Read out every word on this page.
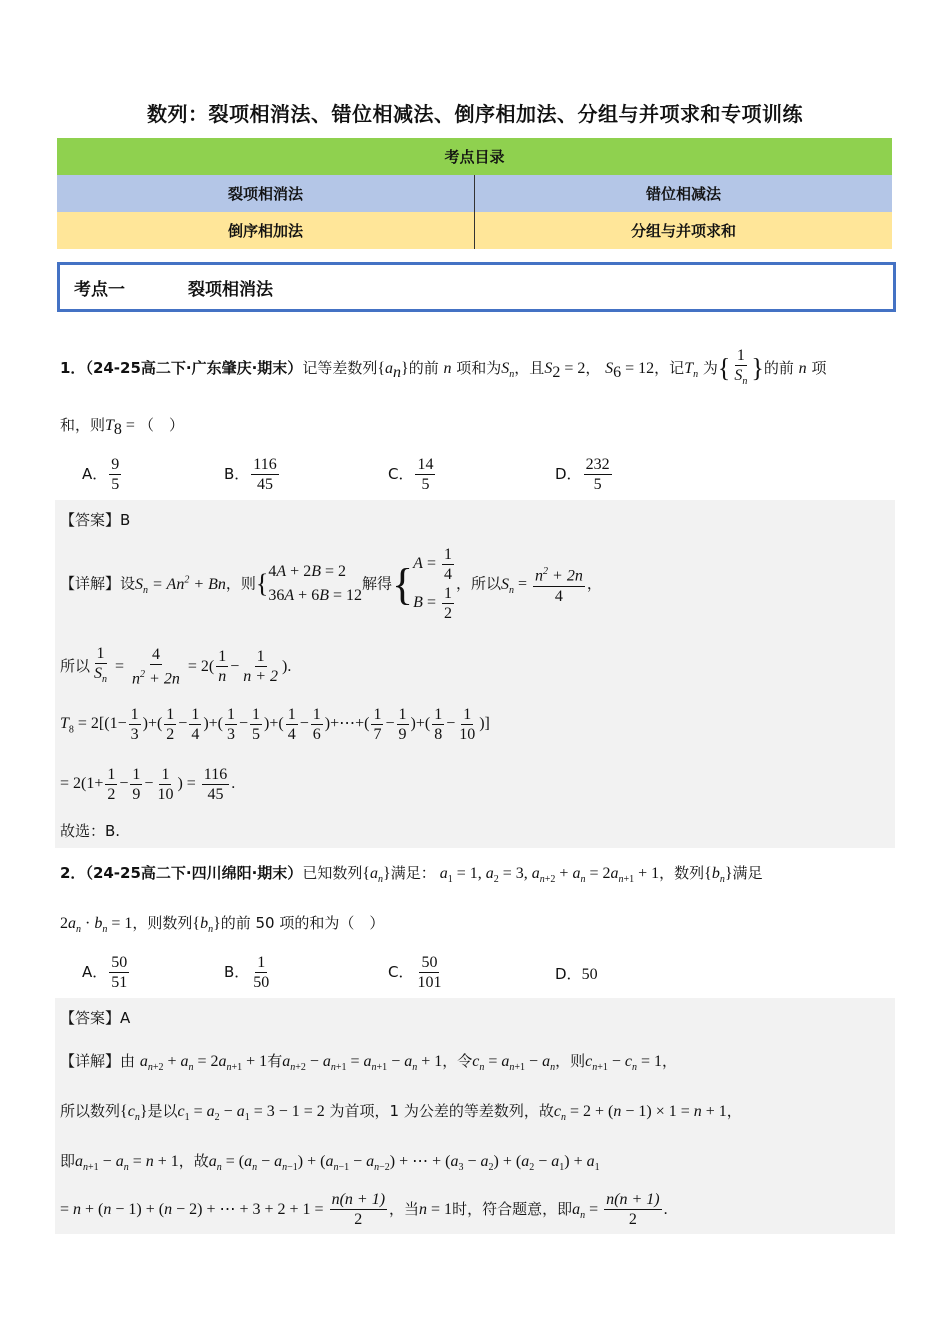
数列：裂项相消法、错位相减法、倒序相加法、分组与并项求和专项训练
考点目录	
裂项相消法	错位相减法
倒序相加法	分组与并项求和
考点一	裂项相消法
1．（24-25高二下·广东肇庆·期末）记等差数列$\{a_n\}$的前 n 项和为$S_n$，且$S_2 = 2$， $S_6 = 12$，记$T_n$ 为{ $\frac{1}{S_n}$ }的前 n 项
和，则$T_8$ = （　）
A． $\frac{9}{5}$	B． $\frac{116}{45}$	C． $\frac{14}{5}$	D． $\frac{232}{5}$
【答案】B
【详解】设$S_n = An^2 + Bn$，则 { 4A + 2B = 2
36A + 6B = 12
解得 { $A = \frac{1}{4}$
$B = \frac{1}{2}$
，所以$S_n = \frac{n^2 + 2n}{4}$ ，
所以 $\frac{1}{S_n} = \frac{4}{n^2 + 2n} = 2( \frac{1}{n} - \frac{1}{n + 2}$ ).
$T_8 = 2[(1- \frac{1}{3}$ )+( $\frac{1}{2} - \frac{1}{4}$ )+( $\frac{1}{3} - \frac{1}{5}$ )+( $\frac{1}{4} - \frac{1}{6}$ )+⋯+( $\frac{1}{7} - \frac{1}{9}$ )+( $\frac{1}{8} - \frac{1}{10}$ )]
= $2(1+ \frac{1}{2} - \frac{1}{9} - \frac{1}{10}$ ) = $\frac{116}{45}$ .
故选：B.
2．（24-25高二下·四川绵阳·期末）已知数列$\{a_n\}$满足： $a_1 = 1$, $a_2 = 3$, $a_{n+2} + a_n = 2a_{n+1} + 1$，数列$\{b_n\}$满足
$2a_n \cdot b_n = 1$，则数列$\{b_n\}$的前 50 项的和为（　）
A． $\frac{50}{51}$	B． $\frac{1}{50}$	C． $\frac{50}{101}$	D．50
【答案】A
【详解】由 $a_{n+2} + a_n = 2a_{n+1} + 1$有$a_{n+2} - a_{n+1} = a_{n+1} - a_n + 1$，令$c_n = a_{n+1} - a_n$，则$c_{n+1} - c_n = 1$，
所以数列$\{c_n\}$是以$c_1 = a_2 - a_1 = 3 - 1 = 2$ 为首项，1 为公差的等差数列，故$c_n = 2 + (n - 1) \times 1 = n + 1$，
即$a_{n+1} - a_n = n + 1$，故$a_n = (a_n - a_{n-1}) + (a_{n-1} - a_{n-2})$ + ⋯ + $(a_3 - a_2) + (a_2 - a_1) + a_1$
= n + (n − 1) + (n − 2) + ⋯ + $3 + 2 + 1 = \frac{n(n + 1)}{2}$ ，当n = 1时，符合题意，即$a_n = \frac{n(n + 1)}{2}$ .
